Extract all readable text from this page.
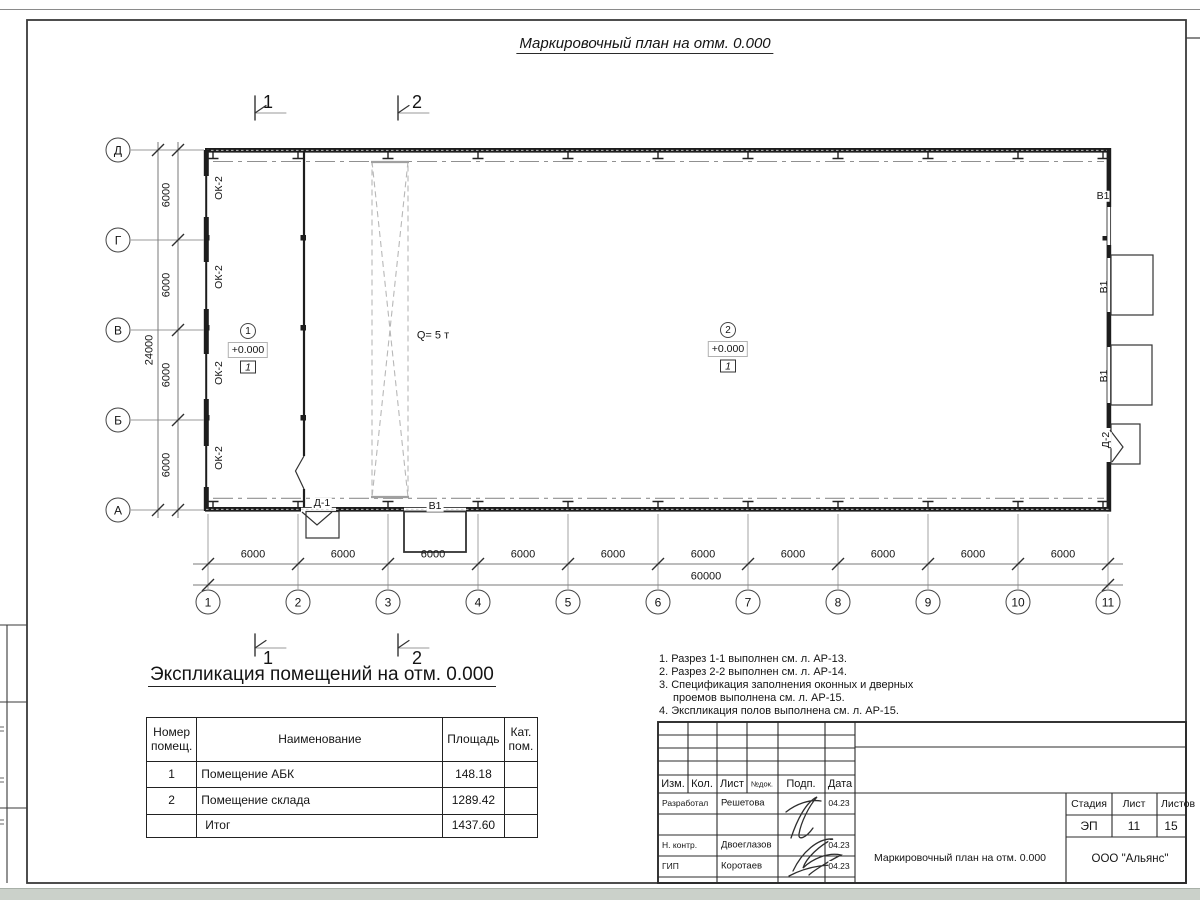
Маркировочный план на отм. 0.000
1	2
1	2
Д
Г
В
Б
А
1	2	3	4	5	6	7	8	9	10	11
6000	6000	6000	6000	6000	6000	6000	6000	6000	6000
60000
6000
6000
6000
6000
24000
ОК-2
ОК-2
ОК-2
ОК-2
В1
В1
В1
Д-2
Д-1	В1
Q= 5 т
1
+0.000
1
2
+0.000
1
Экспликация помещений на отм. 0.000
1. Разрез 1-1 выполнен см. л. АР-13.
2. Разрез 2-2 выполнен см. л. АР-14.
3. Спецификация заполнения оконных и дверных
проемов выполнена см. л. АР-15.
4. Экспликация полов выполнена см. л. АР-15.
Номер помещ.	Наименование	Площадь	Кат. пом.
1	Помещение АБК	148.18	
2	Помещение склада	1289.42	
	Итог	1437.60	
Изм. Кол. Лист №док. Подп. Дата
Разработал Решетова	04.23
Н. контр.	Двоеглазов	04.23
ГИП	Коротаев	04.23
Стадия Лист Листов
ЭП	11 15
Маркировочный план на отм. 0.000	ООО "Альянс"
